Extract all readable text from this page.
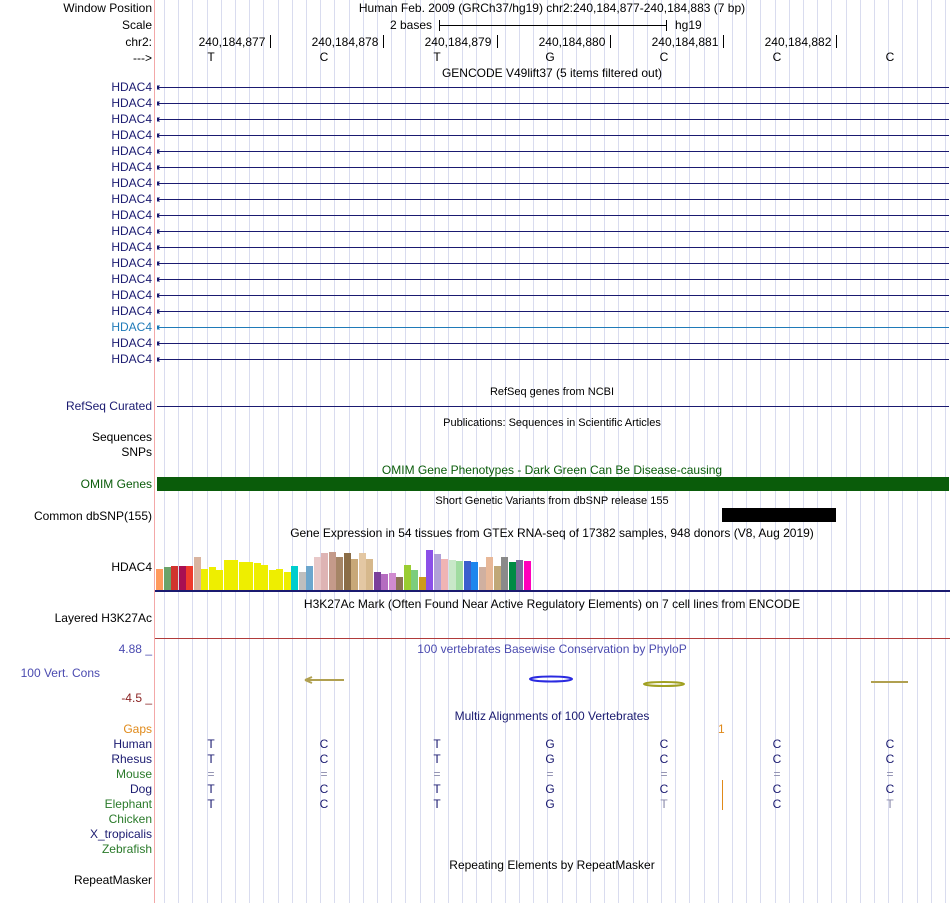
Window Position	Human Feb. 2009 (GRCh37/hg19) chr2:240,184,877-240,184,883 (7 bp)
Scale	2 bases	hg19
chr2:
--->
240,184,877	240,184,878	240,184,879	240,184,880	240,184,881	240,184,882
T	C	T	G	C	C	C
GENCODE V49lift37 (5 items filtered out)
HDAC4
HDAC4
HDAC4
HDAC4
HDAC4
HDAC4
HDAC4
HDAC4
HDAC4
HDAC4
HDAC4
HDAC4
HDAC4
HDAC4
HDAC4
HDAC4
HDAC4
HDAC4
RefSeq genes from NCBI
RefSeq Curated
Publications: Sequences in Scientific Articles
Sequences
SNPs
OMIM Gene Phenotypes - Dark Green Can Be Disease-causing
OMIM Genes
Short Genetic Variants from dbSNP release 155
Common dbSNP(155)
Gene Expression in 54 tissues from GTEx RNA-seq of 17382 samples, 948 donors (V8, Aug 2019)
HDAC4
H3K27Ac Mark (Often Found Near Active Regulatory Elements) on 7 cell lines from ENCODE
Layered H3K27Ac
100 vertebrates Basewise Conservation by PhyloP
4.88 _
100 Vert. Cons
-4.5 _
Multiz Alignments of 100 Vertebrates
Gaps	1
Human	T	C	T	G	C	C	C
Rhesus	T	C	T	G	C	C	C
Mouse	=	=	=	=	=	=	=
Dog	T	C	T	G	C	C	C
Elephant	T	C	T	G	T	C	T
Chicken
X_tropicalis
Zebrafish
Repeating Elements by RepeatMasker
RepeatMasker
